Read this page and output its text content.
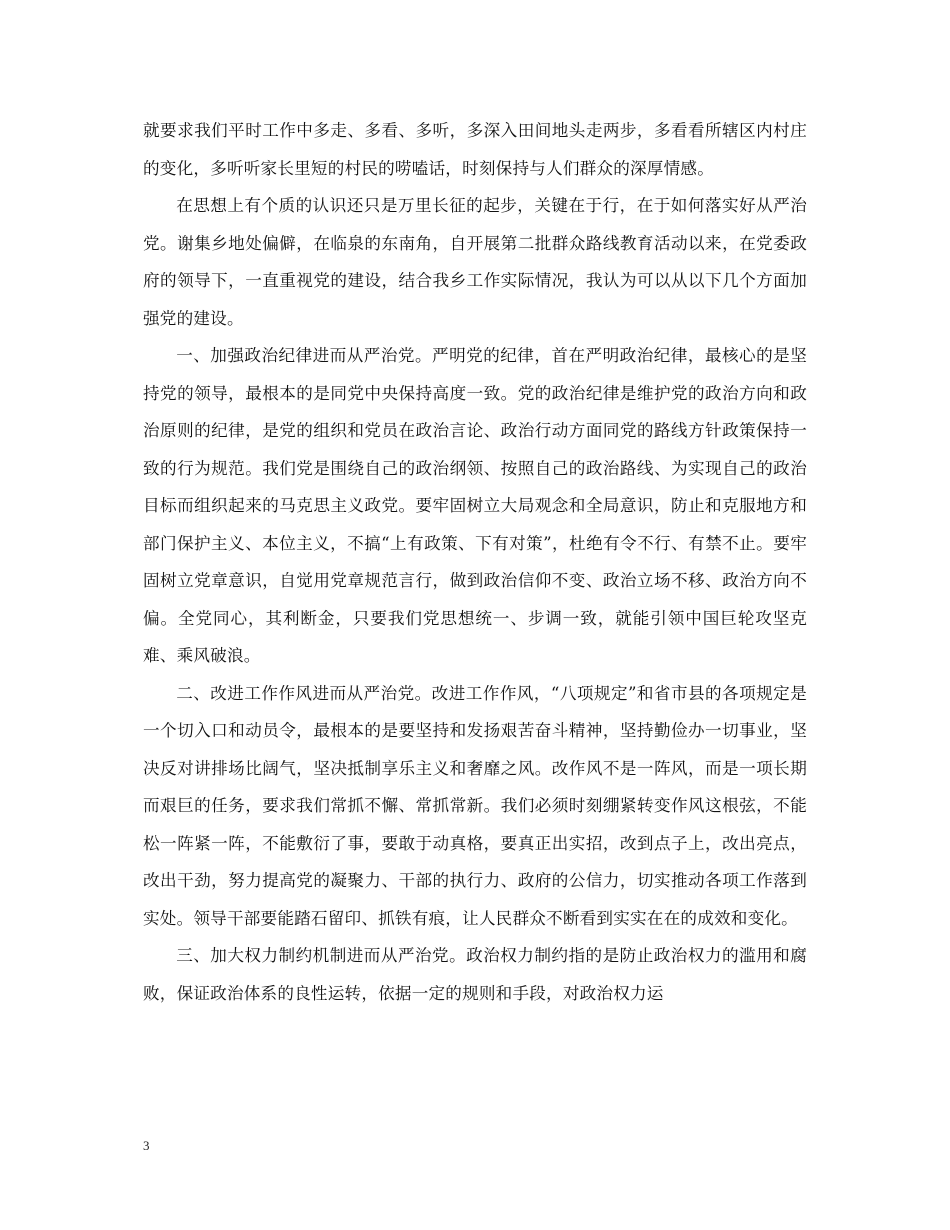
就要求我们平时工作中多走、多看、多听，多深入田间地头走两步，多看看所辖区内村庄的变化，多听听家长里短的村民的唠嗑话，时刻保持与人们群众的深厚情感。

在思想上有个质的认识还只是万里长征的起步，关键在于行，在于如何落实好从严治党。谢集乡地处偏僻，在临泉的东南角，自开展第二批群众路线教育活动以来，在党委政府的领导下，一直重视党的建设，结合我乡工作实际情况，我认为可以从以下几个方面加强党的建设。

一、加强政治纪律进而从严治党。严明党的纪律，首在严明政治纪律，最核心的是坚持党的领导，最根本的是同党中央保持高度一致。党的政治纪律是维护党的政治方向和政治原则的纪律，是党的组织和党员在政治言论、政治行动方面同党的路线方针政策保持一致的行为规范。我们党是围绕自己的政治纲领、按照自己的政治路线、为实现自己的政治目标而组织起来的马克思主义政党。要牢固树立大局观念和全局意识，防止和克服地方和部门保护主义、本位主义，不搞“上有政策、下有对策”，杜绝有令不行、有禁不止。要牢固树立党章意识，自觉用党章规范言行，做到政治信仰不变、政治立场不移、政治方向不偏。全党同心，其利断金，只要我们党思想统一、步调一致，就能引领中国巨轮攻坚克难、乘风破浪。

二、改进工作作风进而从严治党。改进工作作风，“八项规定”和省市县的各项规定是一个切入口和动员令，最根本的是要坚持和发扬艰苦奋斗精神，坚持勤俭办一切事业，坚决反对讲排场比阔气，坚决抵制享乐主义和奢靡之风。改作风不是一阵风，而是一项长期而艰巨的任务，要求我们常抓不懈、常抓常新。我们必须时刻绷紧转变作风这根弦，不能松一阵紧一阵，不能敷衍了事，要敢于动真格，要真正出实招，改到点子上，改出亮点，改出干劲，努力提高党的凝聚力、干部的执行力、政府的公信力，切实推动各项工作落到实处。领导干部要能踏石留印、抓铁有痕，让人民群众不断看到实实在在的成效和变化。

三、加大权力制约机制进而从严治党。政治权力制约指的是防止政治权力的滥用和腐败，保证政治体系的良性运转，依据一定的规则和手段，对政治权力运

3
